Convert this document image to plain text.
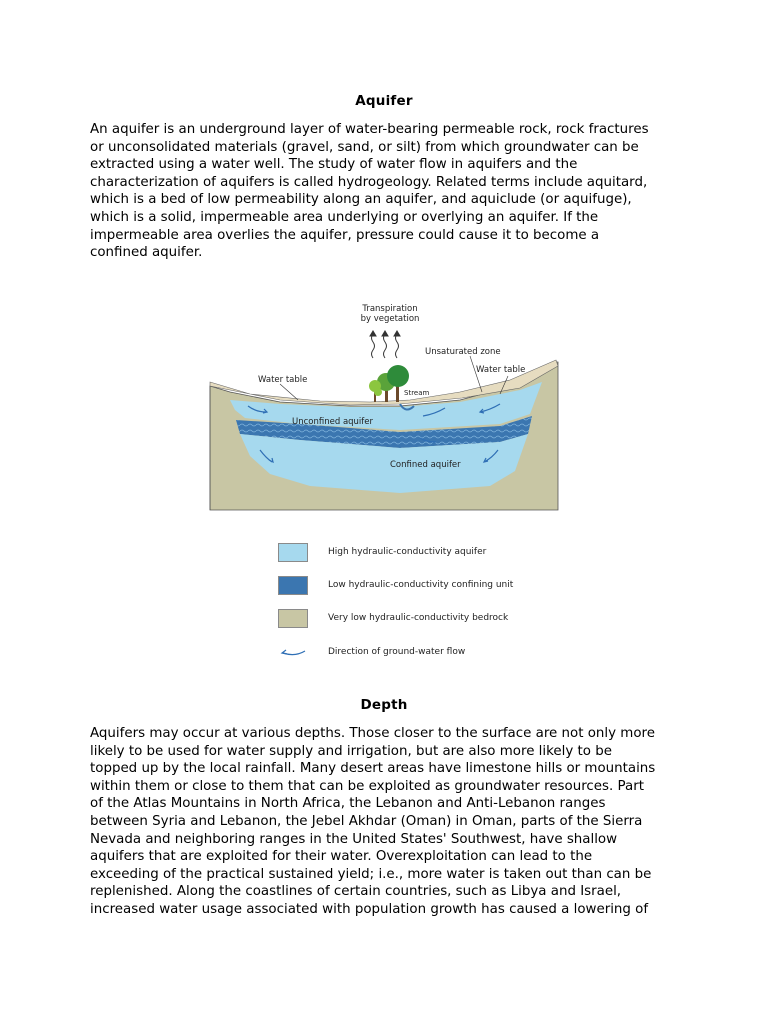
Aquifer
An aquifer is an underground layer of water-bearing permeable rock, rock fractures
or unconsolidated materials (gravel, sand, or silt) from which groundwater can be
extracted using a water well. The study of water flow in aquifers and the
characterization of aquifers is called hydrogeology. Related terms include aquitard,
which is a bed of low permeability along an aquifer, and aquiclude (or aquifuge),
which is a solid, impermeable area underlying or overlying an aquifer. If the
impermeable area overlies the aquifer, pressure could cause it to become a
confined aquifer.
Transpiration
by vegetation
Unsaturated zone
Water table
Water table
Stream
Unconfined aquifer
Confined aquifer
High hydraulic-conductivity aquifer
Low hydraulic-conductivity confining unit
Very low hydraulic-conductivity bedrock
Direction of ground-water flow
Depth
Aquifers may occur at various depths. Those closer to the surface are not only more
likely to be used for water supply and irrigation, but are also more likely to be
topped up by the local rainfall. Many desert areas have limestone hills or mountains
within them or close to them that can be exploited as groundwater resources. Part
of the Atlas Mountains in North Africa, the Lebanon and Anti-Lebanon ranges
between Syria and Lebanon, the Jebel Akhdar (Oman) in Oman, parts of the Sierra
Nevada and neighboring ranges in the United States' Southwest, have shallow
aquifers that are exploited for their water. Overexploitation can lead to the
exceeding of the practical sustained yield; i.e., more water is taken out than can be
replenished. Along the coastlines of certain countries, such as Libya and Israel,
increased water usage associated with population growth has caused a lowering of
